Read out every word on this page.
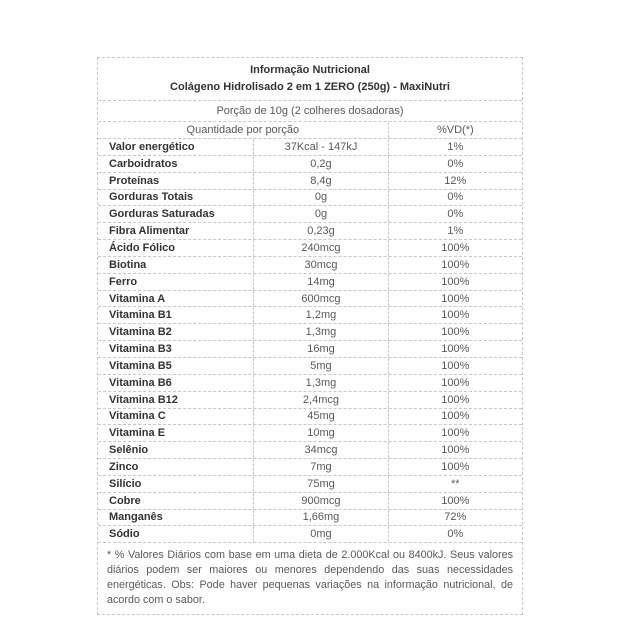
Informação Nutricional
Colágeno Hidrolisado 2 em 1 ZERO (250g) - MaxiNutri
Porção de 10g (2 colheres dosadoras)
Quantidade por porção	%VD(*)
Valor energético	37Kcal - 147kJ	1%
Carboidratos	0,2g	0%
Proteínas	8,4g	12%
Gorduras Totais	0g	0%
Gorduras Saturadas	0g	0%
Fibra Alimentar	0,23g	1%
Ácido Fólico	240mcg	100%
Biotina	30mcg	100%
Ferro	14mg	100%
Vitamina A	600mcg	100%
Vitamina B1	1,2mg	100%
Vitamina B2	1,3mg	100%
Vitamina B3	16mg	100%
Vitamina B5	5mg	100%
Vitamina B6	1,3mg	100%
Vitamina B12	2,4mcg	100%
Vitamina C	45mg	100%
Vitamina E	10mg	100%
Selênio	34mcg	100%
Zinco	7mg	100%
Silício	75mg	**
Cobre	900mcg	100%
Manganês	1,66mg	72%
Sódio	0mg	0%
* % Valores Diários com base em uma dieta de 2.000Kcal ou 8400kJ. Seus valores diários podem ser maiores ou menores dependendo das suas necessidades energéticas. Obs: Pode haver pequenas variações na informação nutricional, de acordo com o sabor.
